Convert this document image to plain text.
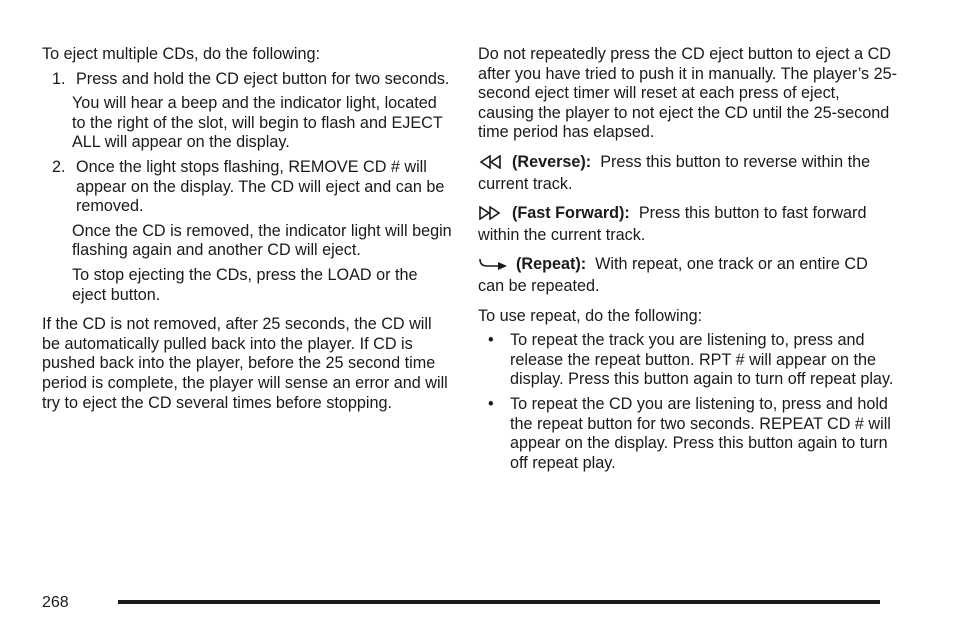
To eject multiple CDs, do the following:

1. Press and hold the CD eject button for two seconds.

You will hear a beep and the indicator light, located to the right of the slot, will begin to flash and EJECT ALL will appear on the display.

2. Once the light stops flashing, REMOVE CD # will appear on the display. The CD will eject and can be removed.

Once the CD is removed, the indicator light will begin flashing again and another CD will eject.

To stop ejecting the CDs, press the LOAD or the eject button.

If the CD is not removed, after 25 seconds, the CD will be automatically pulled back into the player. If CD is pushed back into the player, before the 25 second time period is complete, the player will sense an error and will try to eject the CD several times before stopping.

Do not repeatedly press the CD eject button to eject a CD after you have tried to push it in manually. The player’s 25-second eject timer will reset at each press of eject, causing the player to not eject the CD until the 25-second time period has elapsed.

(Reverse): Press this button to reverse within the current track.

(Fast Forward): Press this button to fast forward within the current track.

(Repeat): With repeat, one track or an entire CD can be repeated.

To use repeat, do the following:

•	To repeat the track you are listening to, press and release the repeat button. RPT # will appear on the display. Press this button again to turn off repeat play.
•	To repeat the CD you are listening to, press and hold the repeat button for two seconds. REPEAT CD # will appear on the display. Press this button again to turn off repeat play.
268
